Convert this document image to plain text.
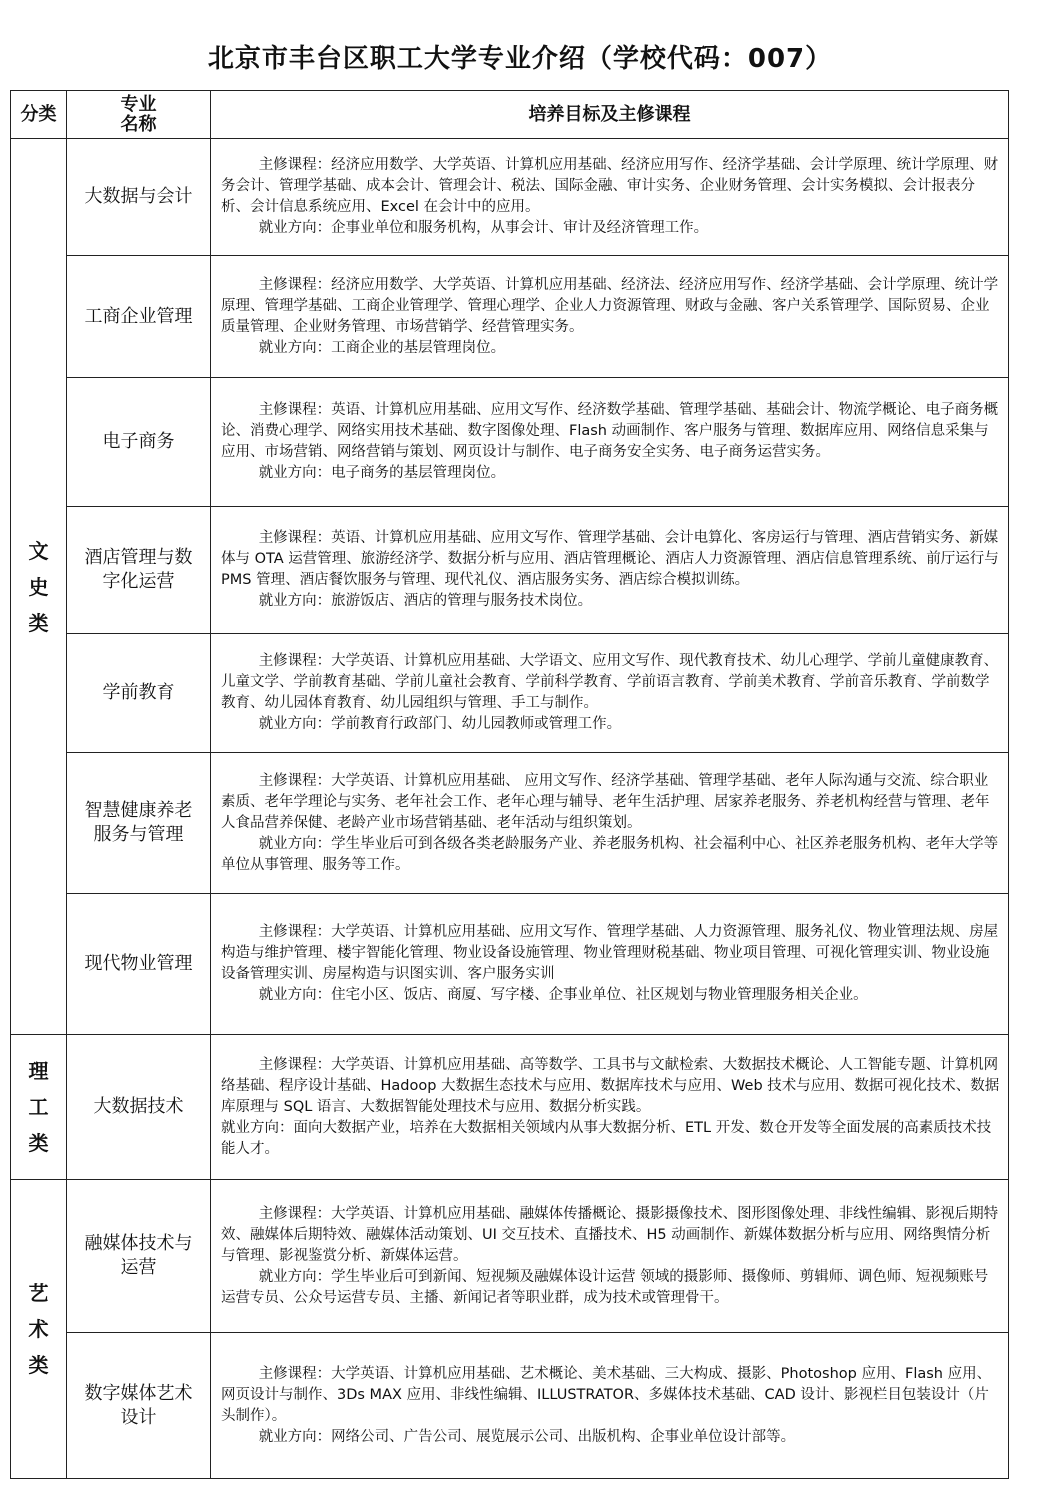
北京市丰台区职工大学专业介绍（学校代码：007）
分类	专业名称	培养目标及主修课程
文史类	大数据与会计	主修课程：经济应用数学、大学英语、计算机应用基础、经济应用写作、经济学基础、会计学原理、统计学原理、财务会计、管理学基础、成本会计、管理会计、税法、国际金融、审计实务、企业财务管理、会计实务模拟、会计报表分析、会计信息系统应用、Excel 在会计中的应用。
就业方向：企事业单位和服务机构，从事会计、审计及经济管理工作。

	工商企业管理	主修课程：经济应用数学、大学英语、计算机应用基础、经济法、经济应用写作、经济学基础、会计学原理、统计学原理、管理学基础、工商企业管理学、管理心理学、企业人力资源管理、财政与金融、客户关系管理学、国际贸易、企业质量管理、企业财务管理、市场营销学、经营管理实务。
就业方向：工商企业的基层管理岗位。

	电子商务	主修课程：英语、计算机应用基础、应用文写作、经济数学基础、管理学基础、基础会计、物流学概论、电子商务概论、消费心理学、网络实用技术基础、数字图像处理、Flash 动画制作、客户服务与管理、数据库应用、网络信息采集与应用、市场营销、网络营销与策划、网页设计与制作、电子商务安全实务、电子商务运营实务。
就业方向：电子商务的基层管理岗位。

	酒店管理与数字化运营	主修课程：英语、计算机应用基础、应用文写作、管理学基础、会计电算化、客房运行与管理、酒店营销实务、新媒体与 OTA 运营管理、旅游经济学、数据分析与应用、酒店管理概论、酒店人力资源管理、酒店信息管理系统、前厅运行与 PMS 管理、酒店餐饮服务与管理、现代礼仪、酒店服务实务、酒店综合模拟训练。
就业方向：旅游饭店、酒店的管理与服务技术岗位。

	学前教育	主修课程：大学英语、计算机应用基础、大学语文、应用文写作、现代教育技术、幼儿心理学、学前儿童健康教育、儿童文学、学前教育基础、学前儿童社会教育、学前科学教育、学前语言教育、学前美术教育、学前音乐教育、学前数学教育、幼儿园体育教育、幼儿园组织与管理、手工与制作。
就业方向：学前教育行政部门、幼儿园教师或管理工作。

	智慧健康养老服务与管理	主修课程：大学英语、计算机应用基础、 应用文写作、经济学基础、管理学基础、老年人际沟通与交流、综合职业素质、老年学理论与实务、老年社会工作、老年心理与辅导、老年生活护理、居家养老服务、养老机构经营与管理、老年人食品营养保健、老龄产业市场营销基础、老年活动与组织策划。
就业方向：学生毕业后可到各级各类老龄服务产业、养老服务机构、社会福利中心、社区养老服务机构、老年大学等单位从事管理、服务等工作。

	现代物业管理	主修课程：大学英语、计算机应用基础、应用文写作、管理学基础、人力资源管理、服务礼仪、物业管理法规、房屋构造与维护管理、楼宇智能化管理、物业设备设施管理、物业管理财税基础、物业项目管理、可视化管理实训、物业设施设备管理实训、房屋构造与识图实训、客户服务实训
就业方向：住宅小区、饭店、商厦、写字楼、企事业单位、社区规划与物业管理服务相关企业。

理工类	大数据技术	主修课程：大学英语、计算机应用基础、高等数学、工具书与文献检索、大数据技术概论、人工智能专题、计算机网络基础、程序设计基础、Hadoop 大数据生态技术与应用、数据库技术与应用、Web 技术与应用、数据可视化技术、数据库原理与 SQL 语言、大数据智能处理技术与应用、数据分析实践。
就业方向：面向大数据产业，培养在大数据相关领域内从事大数据分析、ETL 开发、数仓开发等全面发展的高素质技术技能人才。

艺术类	融媒体技术与运营	主修课程：大学英语、计算机应用基础、融媒体传播概论、摄影摄像技术、图形图像处理、非线性编辑、影视后期特效、融媒体后期特效、融媒体活动策划、UI 交互技术、直播技术、H5 动画制作、新媒体数据分析与应用、网络舆情分析与管理、影视鉴赏分析、新媒体运营。
就业方向：学生毕业后可到新闻、短视频及融媒体设计运营 领域的摄影师、摄像师、剪辑师、调色师、短视频账号运营专员、公众号运营专员、主播、新闻记者等职业群，成为技术或管理骨干。

	数字媒体艺术设计	主修课程：大学英语、计算机应用基础、艺术概论、美术基础、三大构成、摄影、Photoshop 应用、Flash 应用、 网页设计与制作、3Ds MAX 应用、非线性编辑、ILLUSTRATOR、多媒体技术基础、CAD 设计、影视栏目包装设计（片头制作）。
就业方向：网络公司、广告公司、展览展示公司、出版机构、企事业单位设计部等。
